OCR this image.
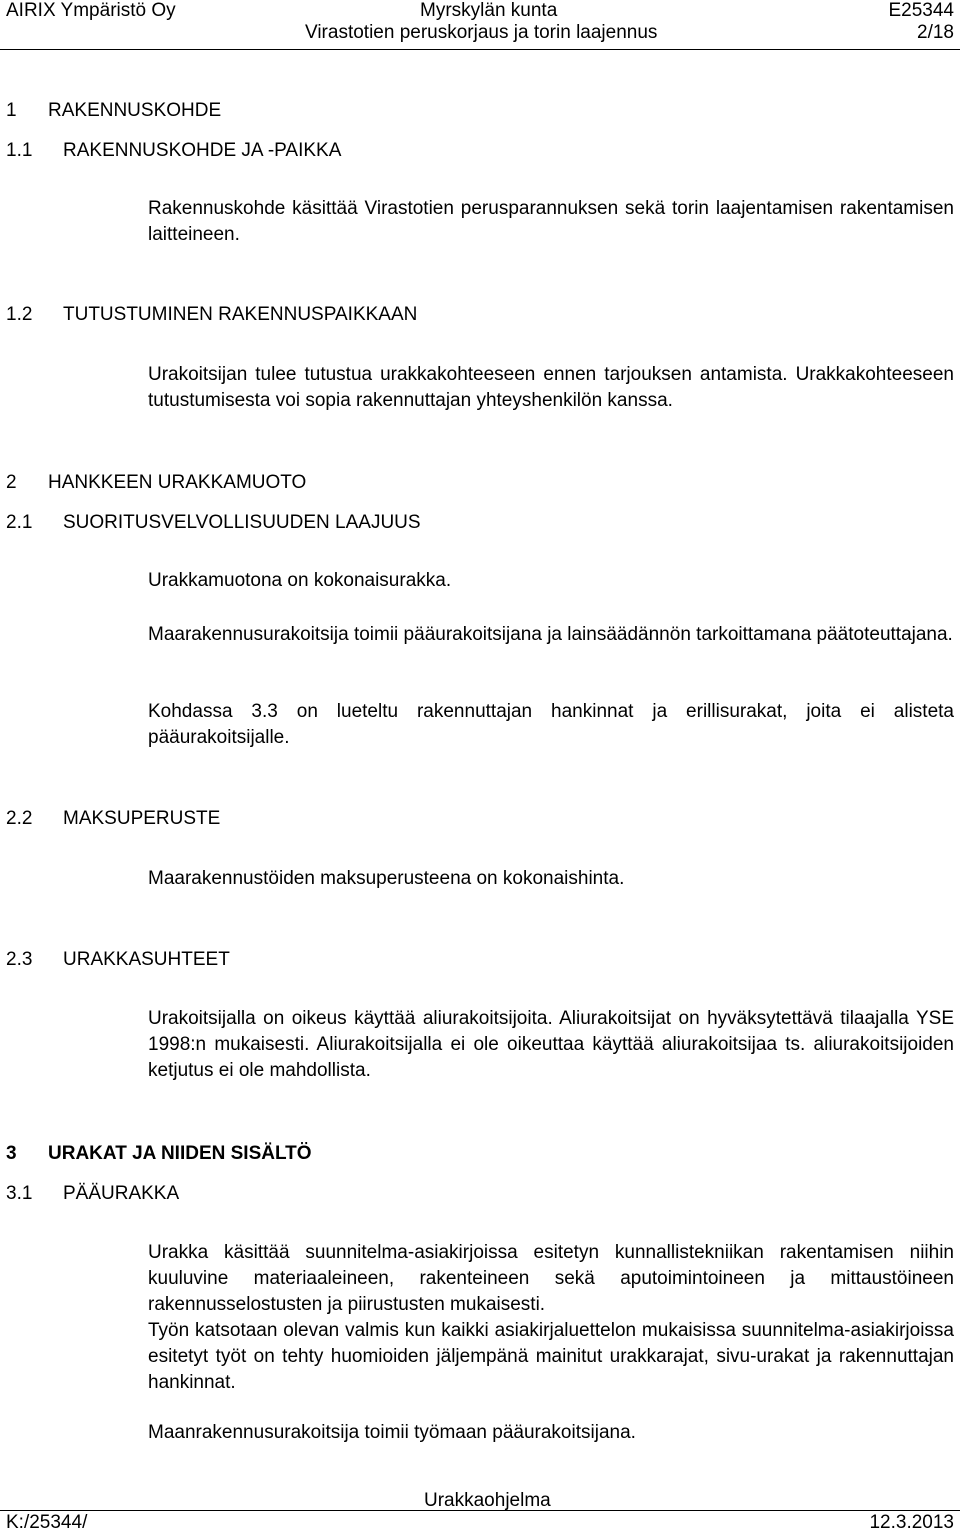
AIRIX Ympäristö Oy	Myrskylän kunta	E25344
Virastotien peruskorjaus ja torin laajennus	2/18
1 RAKENNUSKOHDE
1.1 RAKENNUSKOHDE JA -PAIKKA
Rakennuskohde käsittää Virastotien perusparannuksen sekä torin laajentamisen rakentamisen laitteineen.
1.2 TUTUSTUMINEN RAKENNUSPAIKKAAN
Urakoitsijan tulee tutustua urakkakohteeseen ennen tarjouksen antamista. Urakkakohteeseen tutustumisesta voi sopia rakennuttajan yhteyshenkilön kanssa.
2 HANKKEEN URAKKAMUOTO
2.1 SUORITUSVELVOLLISUUDEN LAAJUUS
Urakkamuotona on kokonaisurakka.
Maarakennusurakoitsija toimii pääurakoitsijana ja lainsäädännön tarkoittamana päätoteuttajana.
Kohdassa 3.3 on lueteltu rakennuttajan hankinnat ja erillisurakat, joita ei alisteta pääurakoitsijalle.
2.2 MAKSUPERUSTE
Maarakennustöiden maksuperusteena on kokonaishinta.
2.3 URAKKASUHTEET
Urakoitsijalla on oikeus käyttää aliurakoitsijoita. Aliurakoitsijat on hyväksytettävä tilaajalla YSE 1998:n mukaisesti. Aliurakoitsijalla ei ole oikeuttaa käyttää aliurakoitsijaa ts. aliurakoitsijoiden ketjutus ei ole mahdollista.
3 URAKAT JA NIIDEN SISÄLTÖ
3.1 PÄÄURAKKA
Urakka käsittää suunnitelma-asiakirjoissa esitetyn kunnallistekniikan rakentamisen niihin kuuluvine materiaaleineen, rakenteineen sekä aputoimintoineen ja mittaustöineen rakennusselostusten ja piirustusten mukaisesti.
Työn katsotaan olevan valmis kun kaikki asiakirjaluettelon mukaisissa suunnitelma-asiakirjoissa esitetyt työt on tehty huomioiden jäljempänä mainitut urakkarajat, sivu-urakat ja rakennuttajan hankinnat.
Maanrakennusurakoitsija toimii työmaan pääurakoitsijana.
K:/25344/
Urakkaohjelma
12.3.2013
